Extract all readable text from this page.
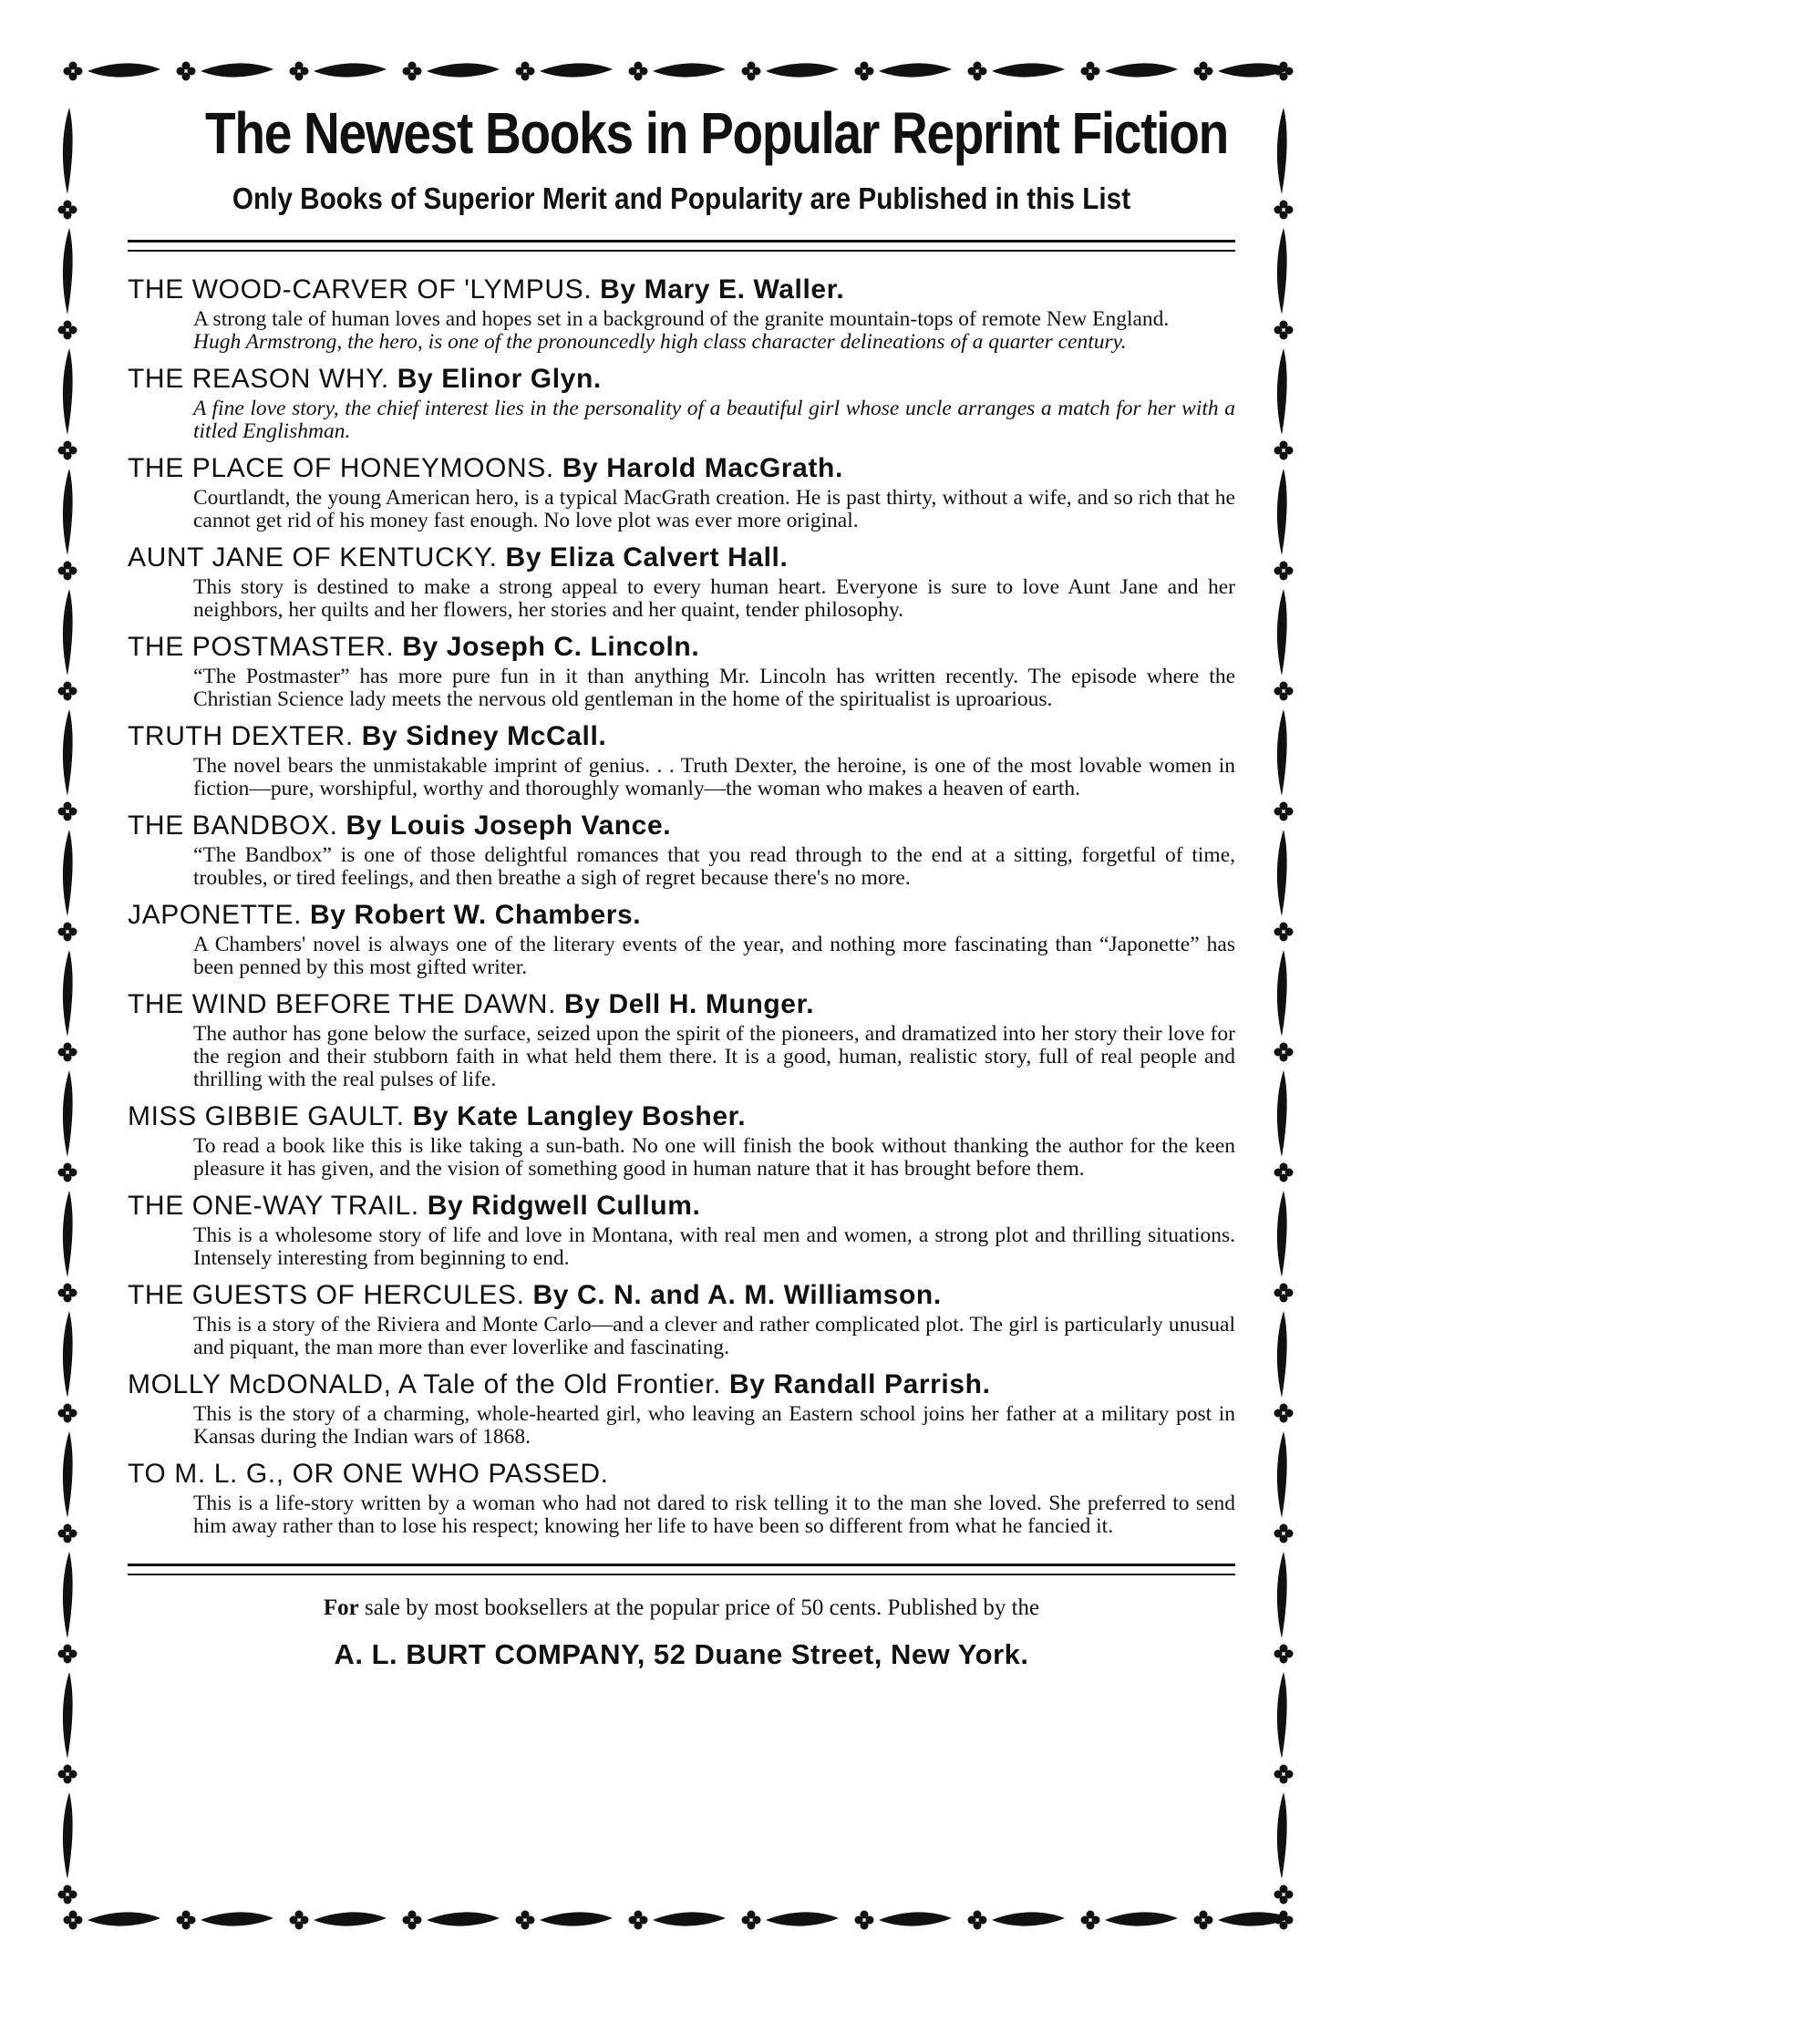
The Newest Books in Popular Reprint Fiction

Only Books of Superior Merit and Popularity are Published in this List

THE WOOD-CARVER OF 'LYMPUS. By Mary E. Waller.

A strong tale of human loves and hopes set in a background of the granite mountain-tops of remote New England.

Hugh Armstrong, the hero, is one of the pronouncedly high class character delineations of a quarter century.

THE REASON WHY. By Elinor Glyn.

A fine love story, the chief interest lies in the personality of a beautiful girl whose uncle arranges a match for her with a titled Englishman.

THE PLACE OF HONEYMOONS. By Harold MacGrath.

Courtlandt, the young American hero, is a typical MacGrath creation. He is past thirty, without a wife, and so rich that he cannot get rid of his money fast enough. No love plot was ever more original.

AUNT JANE OF KENTUCKY. By Eliza Calvert Hall.

This story is destined to make a strong appeal to every human heart. Everyone is sure to love Aunt Jane and her neighbors, her quilts and her flowers, her stories and her quaint, tender philosophy.

THE POSTMASTER. By Joseph C. Lincoln.

“The Postmaster” has more pure fun in it than anything Mr. Lincoln has written recently. The episode where the Christian Science lady meets the nervous old gentleman in the home of the spiritualist is uproarious.

TRUTH DEXTER. By Sidney McCall.

The novel bears the unmistakable imprint of genius. . . Truth Dexter, the heroine, is one of the most lovable women in fiction—pure, worshipful, worthy and thoroughly womanly—the woman who makes a heaven of earth.

THE BANDBOX. By Louis Joseph Vance.

“The Bandbox” is one of those delightful romances that you read through to the end at a sitting, forgetful of time, troubles, or tired feelings, and then breathe a sigh of regret because there's no more.

JAPONETTE. By Robert W. Chambers.

A Chambers' novel is always one of the literary events of the year, and nothing more fascinating than “Japonette” has been penned by this most gifted writer.

THE WIND BEFORE THE DAWN. By Dell H. Munger.

The author has gone below the surface, seized upon the spirit of the pioneers, and dramatized into her story their love for the region and their stubborn faith in what held them there. It is a good, human, realistic story, full of real people and thrilling with the real pulses of life.

MISS GIBBIE GAULT. By Kate Langley Bosher.

To read a book like this is like taking a sun-bath. No one will finish the book without thanking the author for the keen pleasure it has given, and the vision of something good in human nature that it has brought before them.

THE ONE-WAY TRAIL. By Ridgwell Cullum.

This is a wholesome story of life and love in Montana, with real men and women, a strong plot and thrilling situations. Intensely interesting from beginning to end.

THE GUESTS OF HERCULES. By C. N. and A. M. Williamson.

This is a story of the Riviera and Monte Carlo—and a clever and rather complicated plot. The girl is particularly unusual and piquant, the man more than ever loverlike and fascinating.

MOLLY McDONALD, A Tale of the Old Frontier. By Randall Parrish.

This is the story of a charming, whole-hearted girl, who leaving an Eastern school joins her father at a military post in Kansas during the Indian wars of 1868.

TO M. L. G., OR ONE WHO PASSED.

This is a life-story written by a woman who had not dared to risk telling it to the man she loved. She preferred to send him away rather than to lose his respect; knowing her life to have been so different from what he fancied it.

For sale by most booksellers at the popular price of 50 cents. Published by the

A. L. BURT COMPANY, 52 Duane Street, New York.
